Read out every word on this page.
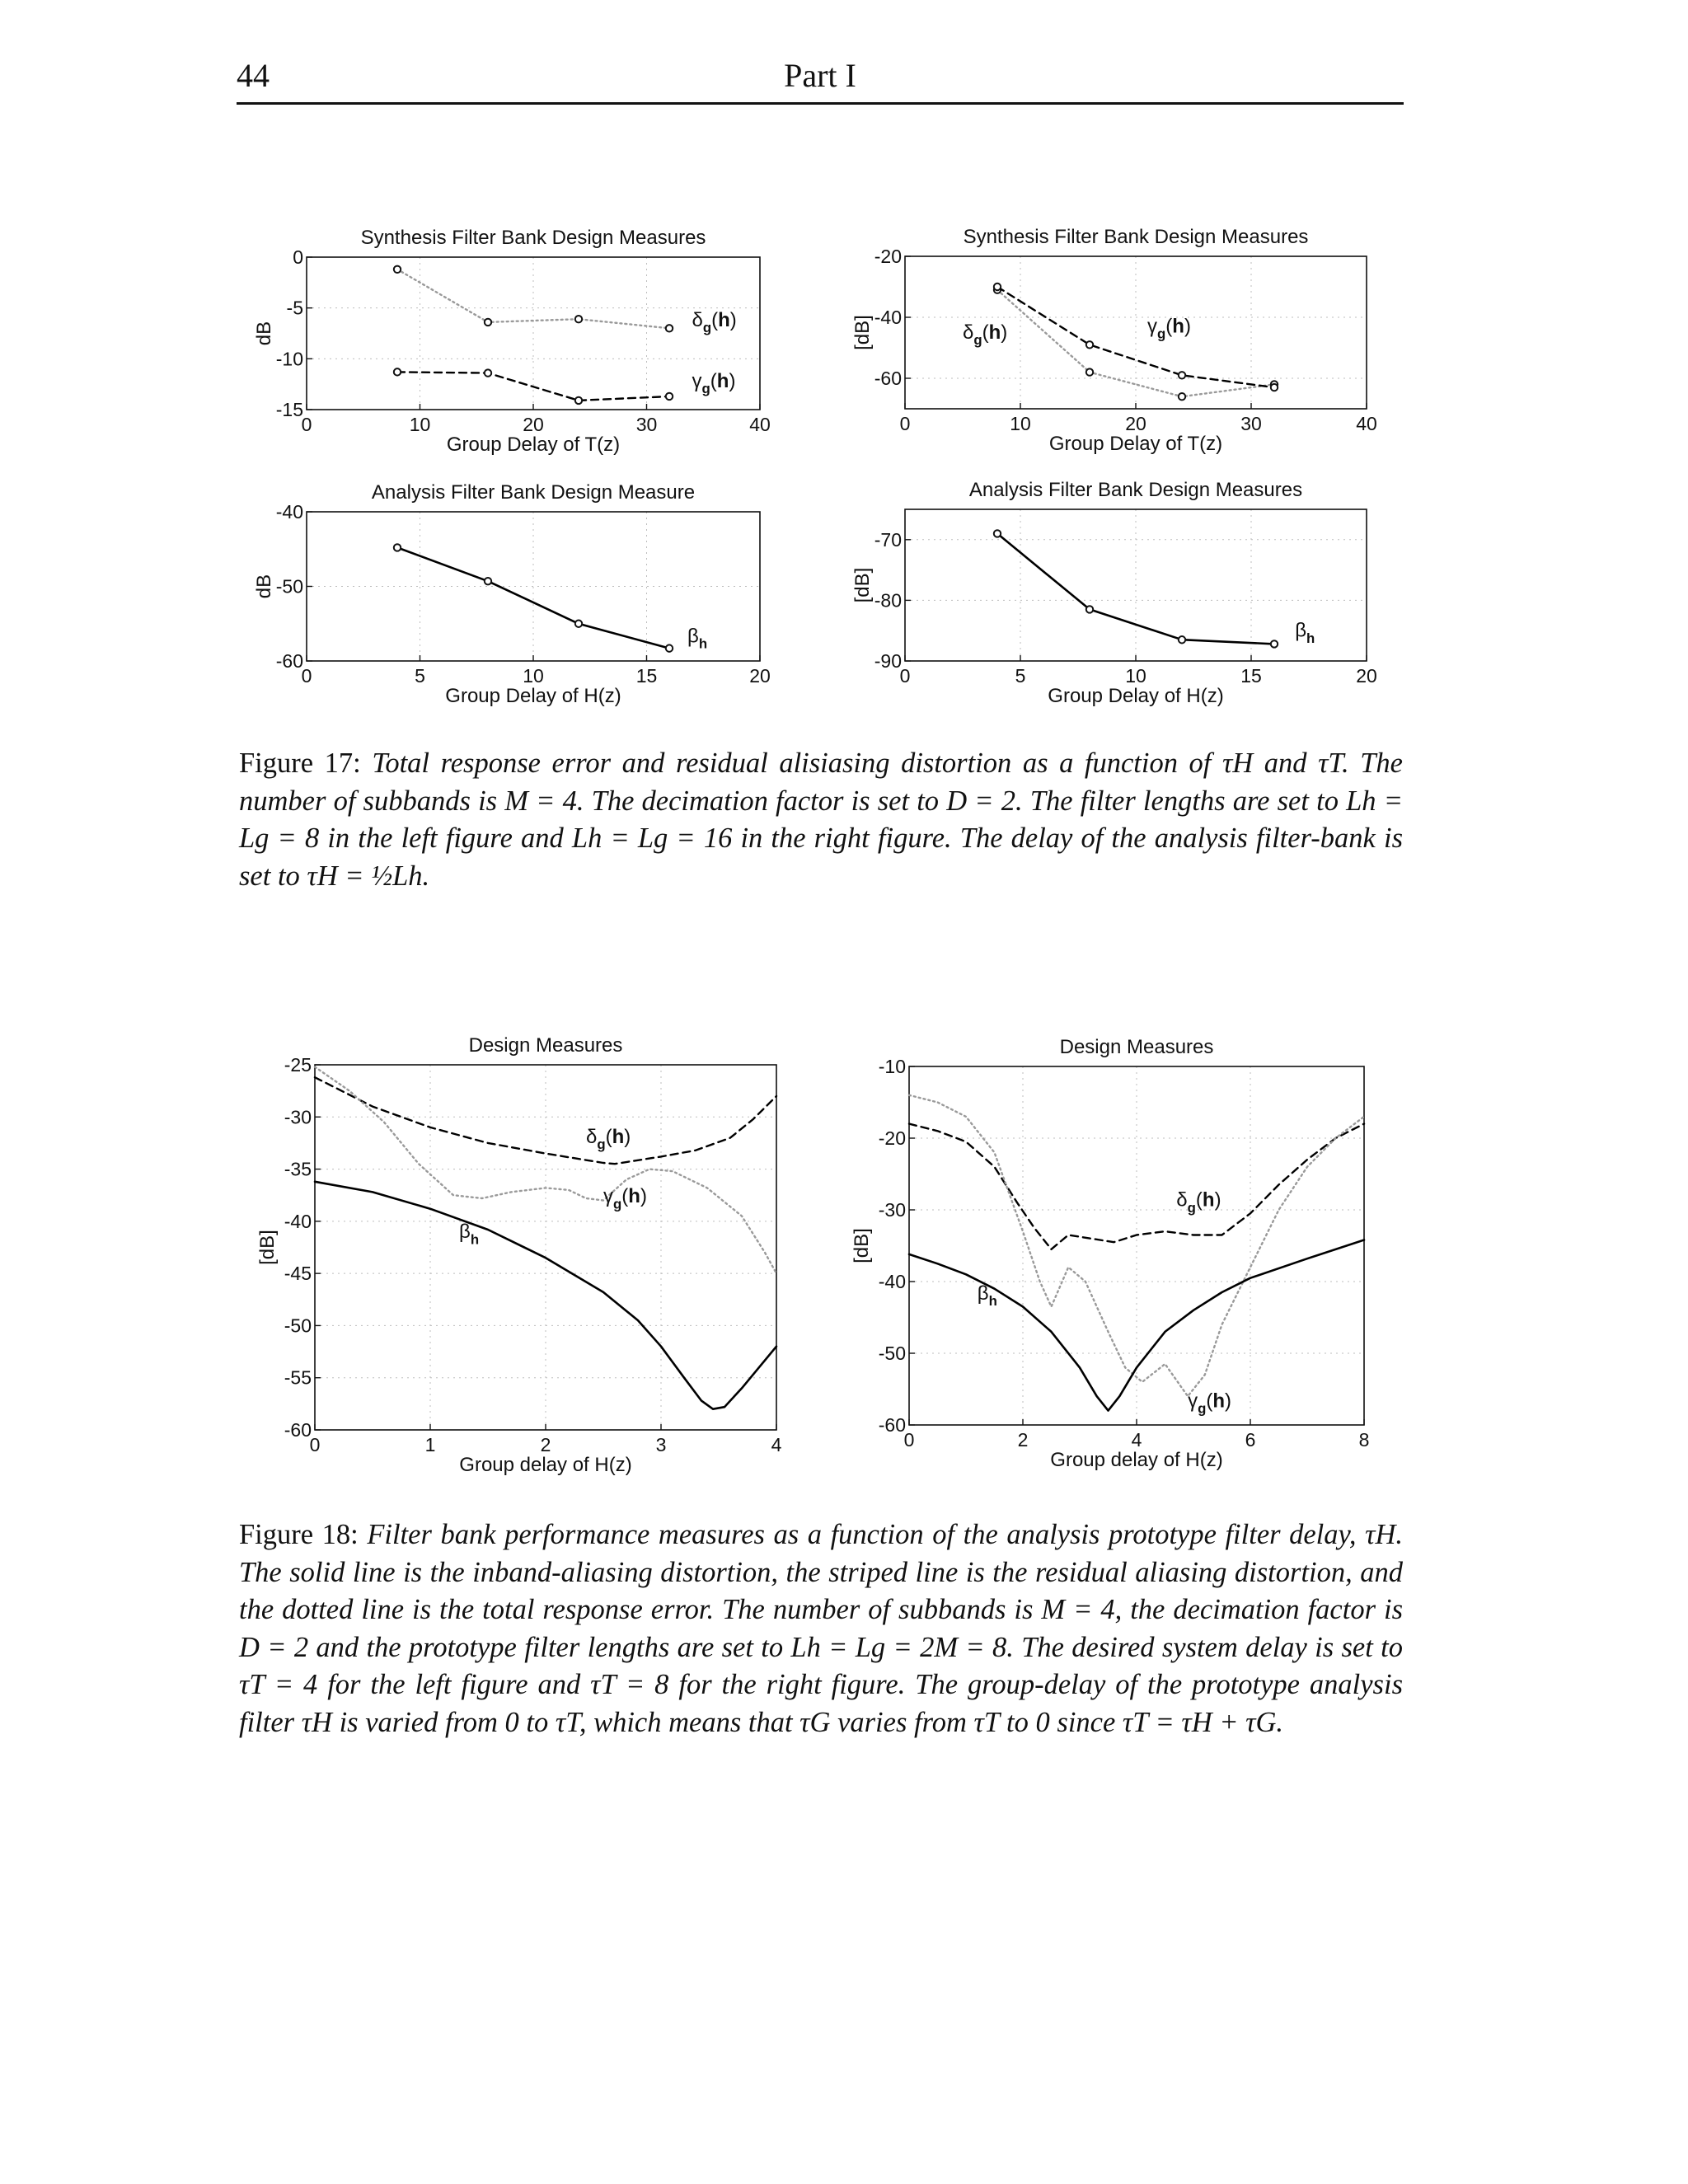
44	Part I
0	10	20	30	40
0
-5
-10
-15
Synthesis Filter Bank Design Measures
Group Delay of T(z)
dB
$\delta_g(h)$
$\gamma_g(h)$
0	10	20	30	40
-20
-40
-60
Synthesis Filter Bank Design Measures
Group Delay of T(z)
[dB]	$\delta_g(h)$	$\gamma_g(h)$
0	5	10	15	20
-40
-50
-60
Analysis Filter Bank Design Measure
Group Delay of H(z)
dB
$\beta_h$
0	5	10	15	20
-70
-80
-90
Analysis Filter Bank Design Measures
Group Delay of H(z)
[dB]
$\beta_h$
0	1	2	3	4
-25
-30
-35
-40
-45
-50
-55
-60
Design Measures
Group delay of H(z)
[dB]
$\delta_g(h)$
$\gamma_g(h)$
$\beta_h$
0	2	4	6	8
-10
-20
-30
-40
-50
-60
Design Measures
Group delay of H(z)
[dB]
$\delta_g(h)$
$\gamma_g(h)$
$\beta_h$
Figure 17: Total response error and residual alisiasing distortion as a function of τH and τT. The number of subbands is M = 4. The decimation factor is set to D = 2. The filter lengths are set to Lh = Lg = 8 in the left figure and Lh = Lg = 16 in the right figure. The delay of the analysis filter-bank is set to τH = ½Lh.
Figure 18: Filter bank performance measures as a function of the analysis prototype filter delay, τH. The solid line is the inband-aliasing distortion, the striped line is the residual aliasing distortion, and the dotted line is the total response error. The number of subbands is M = 4, the decimation factor is D = 2 and the prototype filter lengths are set to Lh = Lg = 2M = 8. The desired system delay is set to τT = 4 for the left figure and τT = 8 for the right figure. The group-delay of the prototype analysis filter τH is varied from 0 to τT, which means that τG varies from τT to 0 since τT = τH + τG.
